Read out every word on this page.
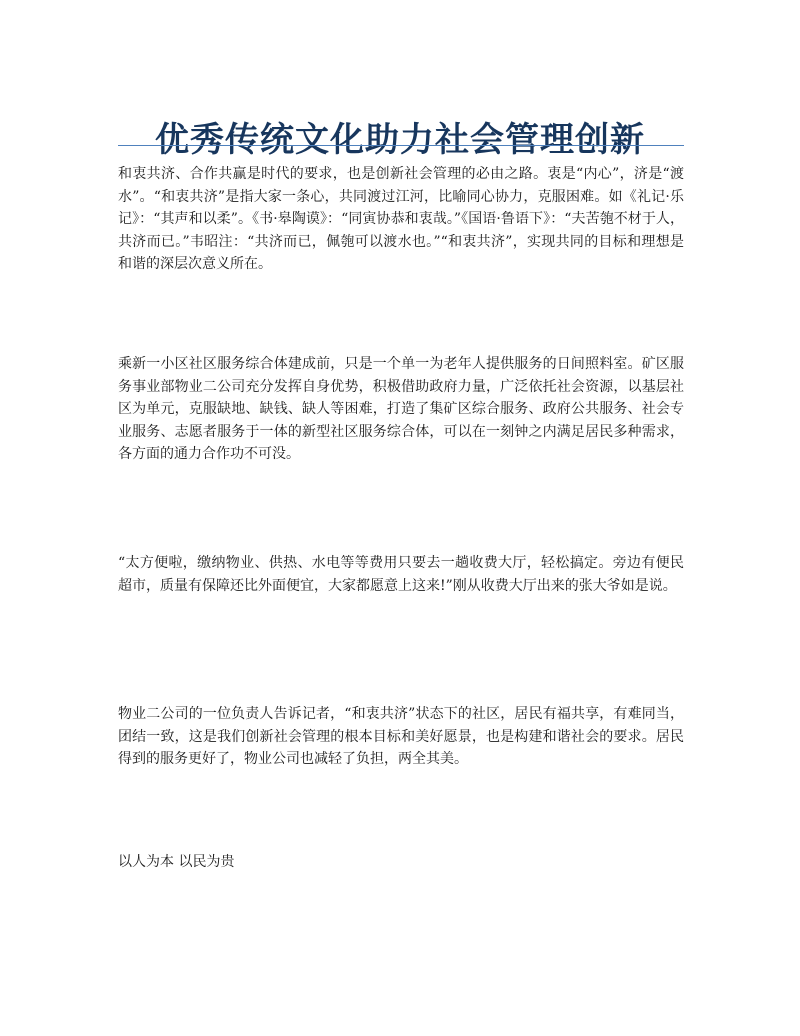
优秀传统文化助力社会管理创新

和衷共济、合作共赢是时代的要求，也是创新社会管理的必由之路。衷是“内心”，济是“渡水”。“和衷共济”是指大家一条心，共同渡过江河，比喻同心协力，克服困难。如《礼记·乐记》：“其声和以柔”。《书·皋陶谟》：“同寅协恭和衷哉。”《国语·鲁语下》：“夫苦匏不材于人，共济而已。”韦昭注：“共济而已，佩匏可以渡水也。”“和衷共济”，实现共同的目标和理想是和谐的深层次意义所在。

乘新一小区社区服务综合体建成前，只是一个单一为老年人提供服务的日间照料室。矿区服务事业部物业二公司充分发挥自身优势，积极借助政府力量，广泛依托社会资源，以基层社区为单元，克服缺地、缺钱、缺人等困难，打造了集矿区综合服务、政府公共服务、社会专业服务、志愿者服务于一体的新型社区服务综合体，可以在一刻钟之内满足居民多种需求，各方面的通力合作功不可没。

“太方便啦，缴纳物业、供热、水电等等费用只要去一趟收费大厅，轻松搞定。旁边有便民超市，质量有保障还比外面便宜，大家都愿意上这来!”刚从收费大厅出来的张大爷如是说。

物业二公司的一位负责人告诉记者，“和衷共济”状态下的社区，居民有福共享，有难同当，团结一致，这是我们创新社会管理的根本目标和美好愿景，也是构建和谐社会的要求。居民得到的服务更好了，物业公司也减轻了负担，两全其美。

以人为本 以民为贵
